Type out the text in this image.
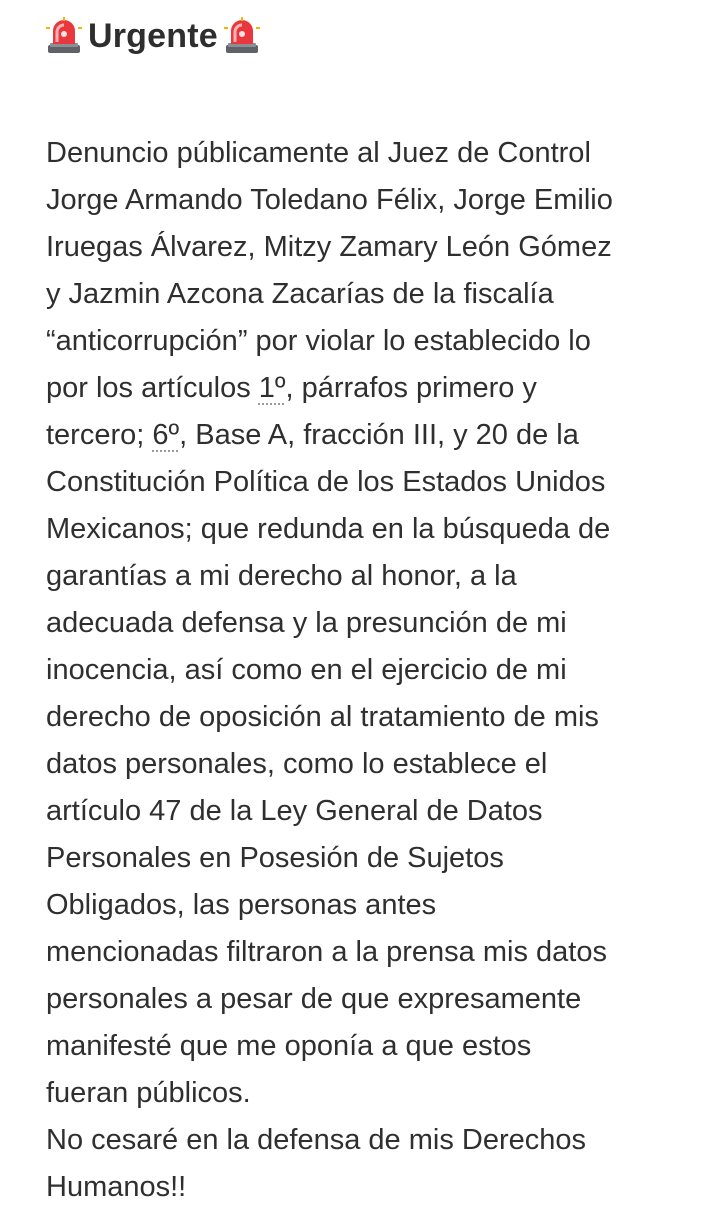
Urgente
Denuncio públicamente al Juez de Control
Jorge Armando Toledano Félix, Jorge Emilio
Iruegas Álvarez, Mitzy Zamary León Gómez
y Jazmin Azcona Zacarías de la fiscalía
“anticorrupción” por violar lo establecido lo
por los artículos 1º, párrafos primero y
tercero; 6º, Base A, fracción III, y 20 de la
Constitución Política de los Estados Unidos
Mexicanos; que redunda en la búsqueda de
garantías a mi derecho al honor, a la
adecuada defensa y la presunción de mi
inocencia, así como en el ejercicio de mi
derecho de oposición al tratamiento de mis
datos personales, como lo establece el
artículo 47 de la Ley General de Datos
Personales en Posesión de Sujetos
Obligados, las personas antes
mencionadas filtraron a la prensa mis datos
personales a pesar de que expresamente
manifesté que me oponía a que estos
fueran públicos.
No cesaré en la defensa de mis Derechos
Humanos!!
